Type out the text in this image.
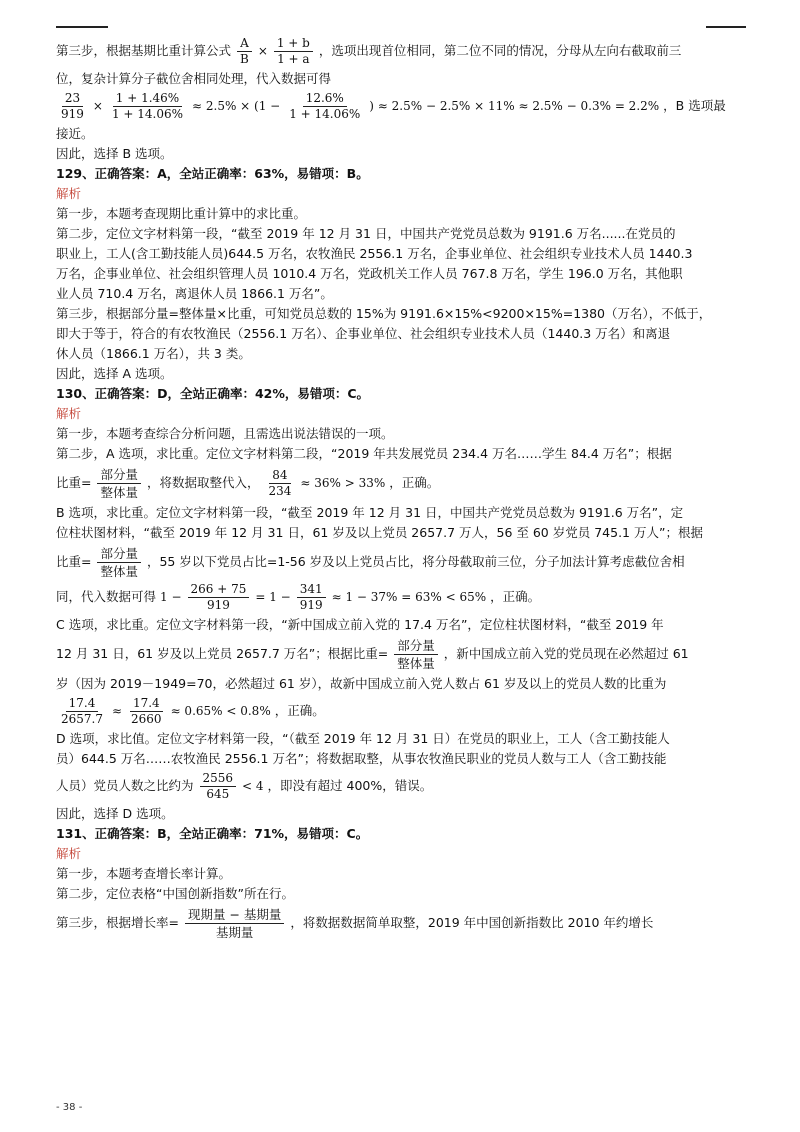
第三步，根据基期比重计算公式 $\frac{A}{B} \times \frac{1 + b}{1 + a}$ ，选项出现首位相同，第二位不同的情况，分母从左向右截取前三
位，复杂计算分子截位舍相同处理，代入数据可得
$\frac{23}{919} \times \frac{1 + 1.46\%}{1 + 14.06\%} \approx 2.5\% \times (1 - \frac{12.6\%}{1 + 14.06\%}$ ) ≈ 2.5% − 2.5% × 11% ≈ 2.5% − 0.3% = 2.2% ，B 选项最
接近。
因此，选择 B 选项。
129、正确答案：A，全站正确率：63%，易错项：B。
解析
第一步，本题考查现期比重计算中的求比重。
第二步，定位文字材料第一段，“截至 2019 年 12 月 31 日，中国共产党党员总数为 9191.6 万名......在党员的
职业上，工人(含工勤技能人员)644.5 万名，农牧渔民 2556.1 万名，企事业单位、社会组织专业技术人员 1440.3
万名，企事业单位、社会组织管理人员 1010.4 万名，党政机关工作人员 767.8 万名，学生 196.0 万名，其他职
业人员 710.4 万名，离退休人员 1866.1 万名”。
第三步，根据部分量=整体量×比重，可知党员总数的 15%为 9191.6×15%<9200×15%=1380（万名），不低于，
即大于等于，符合的有农牧渔民（2556.1 万名）、企事业单位、社会组织专业技术人员（1440.3 万名）和离退
休人员（1866.1 万名），共 3 类。
因此，选择 A 选项。
130、正确答案：D，全站正确率：42%，易错项：C。
解析
第一步，本题考查综合分析问题，且需选出说法错误的一项。
第二步，A 选项，求比重。定位文字材料第二段，“2019 年共发展党员 234.4 万名……学生 84.4 万名”；根据
比重= $\frac{\text{部分量}}{\text{整体量}}$ ，将数据取整代入， $\frac{84}{234} \approx 36\% > 33\%$ ，正确。
B 选项，求比重。定位文字材料第一段，“截至 2019 年 12 月 31 日，中国共产党党员总数为 9191.6 万名”，定
位柱状图材料，“截至 2019 年 12 月 31 日，61 岁及以上党员 2657.7 万人，56 至 60 岁党员 745.1 万人”；根据
比重= $\frac{\text{部分量}}{\text{整体量}}$ ，55 岁以下党员占比=1-56 岁及以上党员占比，将分母截取前三位，分子加法计算考虑截位舍相
同，代入数据可得 $1 - \frac{266 + 75}{919} = 1 - \frac{341}{919} \approx 1 - 37\% = 63\% < 65\%$ ，正确。
C 选项，求比重。定位文字材料第一段，“新中国成立前入党的 17.4 万名”，定位柱状图材料，“截至 2019 年
12 月 31 日，61 岁及以上党员 2657.7 万名”；根据比重= $\frac{\text{部分量}}{\text{整体量}}$ ，新中国成立前入党的党员现在必然超过 61
岁（因为 2019－1949=70，必然超过 61 岁），故新中国成立前入党人数占 61 岁及以上的党员人数的比重为
$\frac{17.4}{2657.7} \approx \frac{17.4}{2660} \approx 0.65\% < 0.8\%$ ，正确。
D 选项，求比值。定位文字材料第一段，“（截至 2019 年 12 月 31 日）在党员的职业上，工人（含工勤技能人
员）644.5 万名……农牧渔民 2556.1 万名”；将数据取整，从事农牧渔民职业的党员人数与工人（含工勤技能
人员）党员人数之比约为 $\frac{2556}{645} < 4$ ，即没有超过 400%，错误。
因此，选择 D 选项。
131、正确答案：B，全站正确率：71%，易错项：C。
解析
第一步，本题考查增长率计算。
第二步，定位表格“中国创新指数”所在行。
第三步，根据增长率= $\frac{\text{现期量 − 基期量}}{\text{基期量}}$ ，将数据数据简单取整，2019 年中国创新指数比 2010 年约增长
- 38 -
